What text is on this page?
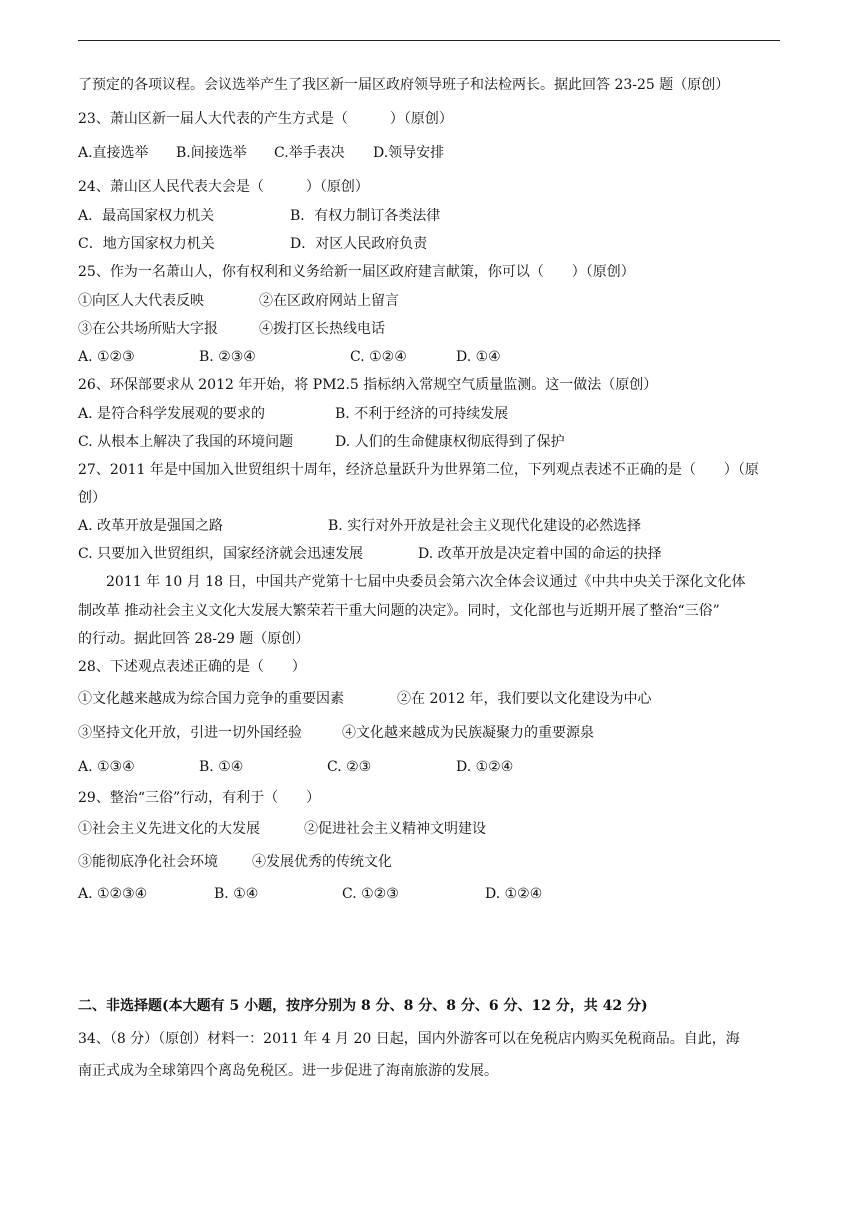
了预定的各项议程。会议选举产生了我区新一届区政府领导班子和法检两长。据此回答 23-25 题（原创）
23、萧山区新一届人大代表的产生方式是（　　　）（原创）
A.直接选举 B.间接选举 C.举手表决 D.领导安排
24、萧山区人民代表大会是（　　　）（原创）
A．最高国家权力机关	B．有权力制订各类法律
C．地方国家权力机关	D．对区人民政府负责
25、作为一名萧山人，你有权利和义务给新一届区政府建言献策，你可以（　　）（原创）
①向区人大代表反映	②在区政府网站上留言
③在公共场所贴大字报	④拨打区长热线电话
A. ①②③	B. ②③④	C. ①②④	D. ①④
26、环保部要求从 2012 年开始，将 PM2.5 指标纳入常规空气质量监测。这一做法（原创）
A. 是符合科学发展观的要求的	B. 不利于经济的可持续发展
C. 从根本上解决了我国的环境问题	D. 人们的生命健康权彻底得到了保护
27、2011 年是中国加入世贸组织十周年，经济总量跃升为世界第二位，下列观点表述不正确的是（　　）（原
创）
A. 改革开放是强国之路	B. 实行对外开放是社会主义现代化建设的必然选择
C. 只要加入世贸组织，国家经济就会迅速发展	D. 改革开放是决定着中国的命运的抉择
2011 年 10 月 18 日，中国共产党第十七届中央委员会第六次全体会议通过《中共中央关于深化文化体
制改革 推动社会主义文化大发展大繁荣若干重大问题的决定》。同时，文化部也与近期开展了整治“三俗”
的行动。据此回答 28-29 题（原创）
28、下述观点表述正确的是（　　）
①文化越来越成为综合国力竞争的重要因素	②在 2012 年，我们要以文化建设为中心
③坚持文化开放，引进一切外国经验	④文化越来越成为民族凝聚力的重要源泉
A. ①③④	B. ①④	C. ②③	D. ①②④
29、整治“三俗”行动，有利于（　　）
①社会主义先进文化的大发展	②促进社会主义精神文明建设
③能彻底净化社会环境 ④发展优秀的传统文化
A. ①②③④	B. ①④	C. ①②③	D. ①②④
二、非选择题(本大题有 5 小题，按序分别为 8 分、8 分、8 分、6 分、12 分，共 42 分)
34、（8 分）（原创）材料一：2011 年 4 月 20 日起，国内外游客可以在免税店内购买免税商品。自此，海
南正式成为全球第四个离岛免税区。进一步促进了海南旅游的发展。
